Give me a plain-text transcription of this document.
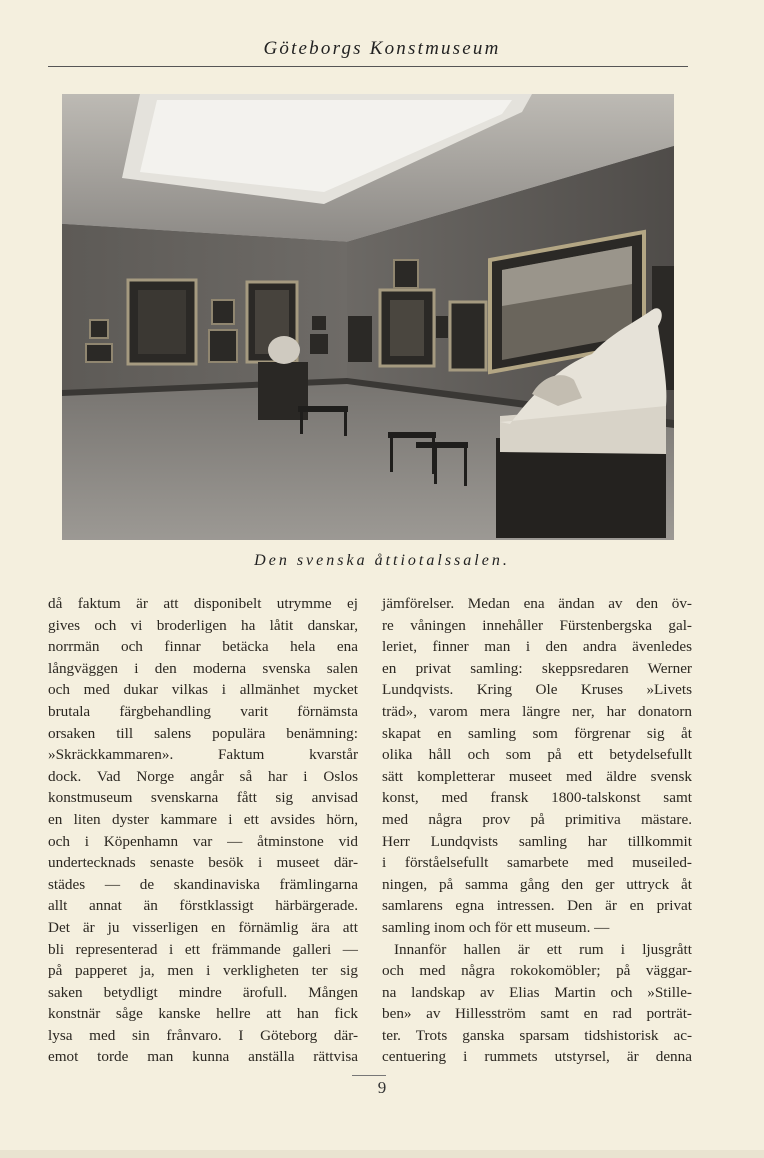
Göteborgs Konstmuseum
Den svenska åttiotalssalen.
då faktum är att disponibelt utrymme ej
gives och vi broderligen ha låtit danskar,
norrmän och finnar betäcka hela ena
långväggen i den moderna svenska salen
och med dukar vilkas i allmänhet mycket
brutala färgbehandling varit förnämsta
orsaken till salens populära benämning:
»Skräckkammaren». Faktum kvarstår
dock. Vad Norge angår så har i Oslos
konstmuseum svenskarna fått sig anvisad
en liten dyster kammare i ett avsides hörn,
och i Köpenhamn var — åtminstone vid
undertecknads senaste besök i museet där-
städes — de skandinaviska främlingarna
allt annat än förstklassigt härbärgerade.
Det är ju visserligen en förnämlig ära att
bli representerad i ett främmande galleri —
på papperet ja, men i verkligheten ter sig
saken betydligt mindre ärofull. Mången
konstnär såge kanske hellre att han fick
lysa med sin frånvaro. I Göteborg där-
emot torde man kunna anställa rättvisa
jämförelser. Medan ena ändan av den öv-
re våningen innehåller Fürstenbergska gal-
leriet, finner man i den andra ävenledes
en privat samling: skeppsredaren Werner
Lundqvists. Kring Ole Kruses »Livets
träd», varom mera längre ner, har donatorn
skapat en samling som förgrenar sig åt
olika håll och som på ett betydelsefullt
sätt kompletterar museet med äldre svensk
konst, med fransk 1800-talskonst samt
med några prov på primitiva mästare.
Herr Lundqvists samling har tillkommit
i förståelsefullt samarbete med museiled-
ningen, på samma gång den ger uttryck åt
samlarens egna intressen. Den är en privat
samling inom och för ett museum. —
Innanför hallen är ett rum i ljusgrått
och med några rokokomöbler; på väggar-
na landskap av Elias Martin och »Stille-
ben» av Hillesström samt en rad porträt-
ter. Trots ganska sparsam tidshistorisk ac-
centuering i rummets utstyrsel, är denna
9
